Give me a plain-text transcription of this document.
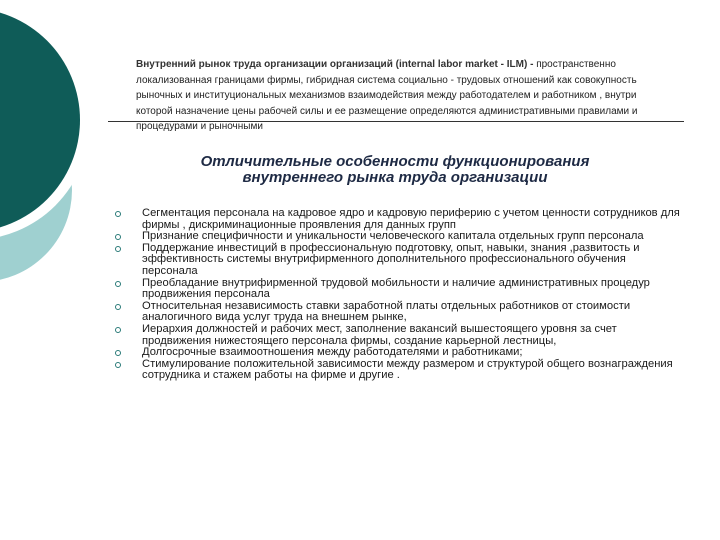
Внутренний рынок труда организации организаций (internal labor market - ILM) - пространственно локализованная границами фирмы, гибридная система социально - трудовых отношений как совокупность рыночных и институциональных механизмов взаимодействия между работодателем и работником , внутри которой назначение цены рабочей силы и ее размещение определяются административными правилами и процедурами и рыночными
Отличительные особенности функционирования внутреннего рынка труда организации
Сегментация персонала на кадровое ядро и кадровую периферию с учетом ценности сотрудников для фирмы , дискриминационные проявления для данных групп
Признание специфичности и уникальности человеческого капитала отдельных групп персонала
Поддержание инвестиций в профессиональную подготовку, опыт, навыки, знания ,развитость и эффективность системы внутрифирменного дополнительного профессионального обучения персонала
Преобладание внутрифирменной трудовой мобильности и наличие административных процедур продвижения персонала
Относительная независимость ставки заработной платы отдельных работников от стоимости аналогичного вида услуг труда на внешнем рынке,
Иерархия должностей и рабочих мест, заполнение вакансий вышестоящего уровня за счет продвижения нижестоящего персонала фирмы, создание карьерной лестницы,
Долгосрочные взаимоотношения между работодателями и работниками;
Стимулирование положительной зависимости между размером и структурой общего вознаграждения сотрудника и стажем работы на фирме и другие .
